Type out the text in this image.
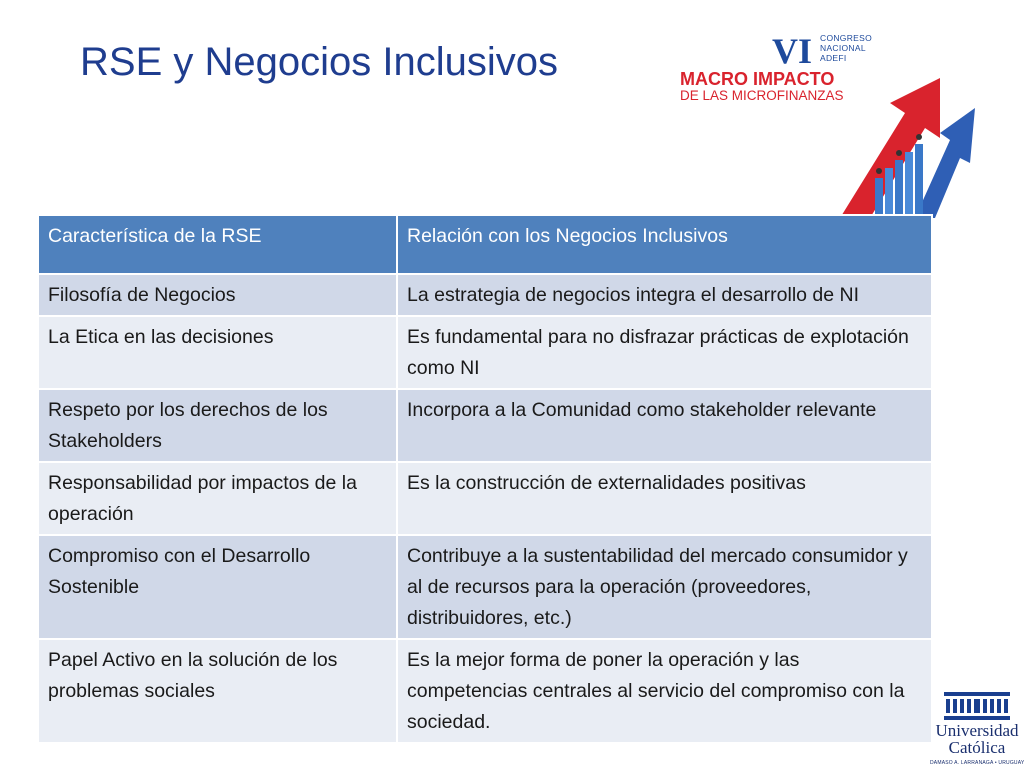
RSE y Negocios Inclusivos	VI CONGRESO
NACIONAL
ADEFI
MACRO IMPACTO
DE LAS MICROFINANZAS
Característica de la RSE	Relación con los Negocios Inclusivos
Filosofía de Negocios	La estrategia de negocios integra el desarrollo de NI
La Etica en las decisiones	Es fundamental para no disfrazar prácticas de explotación como NI
Respeto por los derechos de los Stakeholders	Incorpora a la Comunidad como stakeholder relevante
Responsabilidad por impactos de la operación	Es la construcción de externalidades positivas
Compromiso con el Desarrollo Sostenible	Contribuye a la sustentabilidad del mercado consumidor y al de recursos para la operación (proveedores, distribuidores, etc.)
Papel Activo en la solución de los problemas sociales	Es la mejor forma de poner la operación y las competencias centrales al servicio del compromiso con la sociedad.	Universidad
Católica
DÁMASO A. LARRAÑAGA • URUGUAY
